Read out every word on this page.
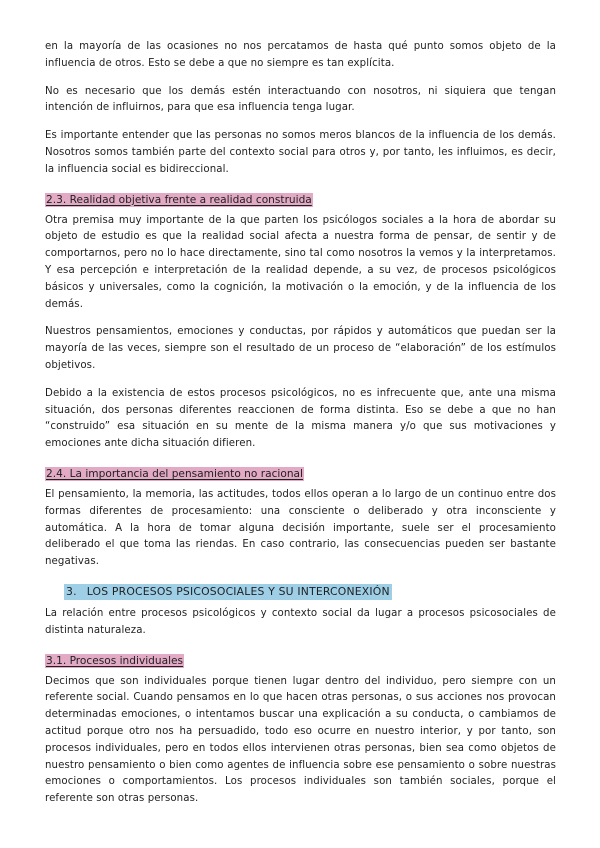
en la mayoría de las ocasiones no nos percatamos de hasta qué punto somos objeto de la influencia de otros. Esto se debe a que no siempre es tan explícita.

No es necesario que los demás estén interactuando con nosotros, ni siquiera que tengan intención de influirnos, para que esa influencia tenga lugar.

Es importante entender que las personas no somos meros blancos de la influencia de los demás. Nosotros somos también parte del contexto social para otros y, por tanto, les influimos, es decir, la influencia social es bidireccional.

2.3. Realidad objetiva frente a realidad construida

Otra premisa muy importante de la que parten los psicólogos sociales a la hora de abordar su objeto de estudio es que la realidad social afecta a nuestra forma de pensar, de sentir y de comportarnos, pero no lo hace directamente, sino tal como nosotros la vemos y la interpretamos. Y esa percepción e interpretación de la realidad depende, a su vez, de procesos psicológicos básicos y universales, como la cognición, la motivación o la emoción, y de la influencia de los demás.

Nuestros pensamientos, emociones y conductas, por rápidos y automáticos que puedan ser la mayoría de las veces, siempre son el resultado de un proceso de “elaboración” de los estímulos objetivos.

Debido a la existencia de estos procesos psicológicos, no es infrecuente que, ante una misma situación, dos personas diferentes reaccionen de forma distinta. Eso se debe a que no han “construido” esa situación en su mente de la misma manera y/o que sus motivaciones y emociones ante dicha situación difieren.

2.4. La importancia del pensamiento no racional

El pensamiento, la memoria, las actitudes, todos ellos operan a lo largo de un continuo entre dos formas diferentes de procesamiento: una consciente o deliberado y otra inconsciente y automática. A la hora de tomar alguna decisión importante, suele ser el procesamiento deliberado el que toma las riendas. En caso contrario, las consecuencias pueden ser bastante negativas.

3. LOS PROCESOS PSICOSOCIALES Y SU INTERCONEXIÓN

La relación entre procesos psicológicos y contexto social da lugar a procesos psicosociales de distinta naturaleza.

3.1. Procesos individuales

Decimos que son individuales porque tienen lugar dentro del individuo, pero siempre con un referente social. Cuando pensamos en lo que hacen otras personas, o sus acciones nos provocan determinadas emociones, o intentamos buscar una explicación a su conducta, o cambiamos de actitud porque otro nos ha persuadido, todo eso ocurre en nuestro interior, y por tanto, son procesos individuales, pero en todos ellos intervienen otras personas, bien sea como objetos de nuestro pensamiento o bien como agentes de influencia sobre ese pensamiento o sobre nuestras emociones o comportamientos. Los procesos individuales son también sociales, porque el referente son otras personas.
